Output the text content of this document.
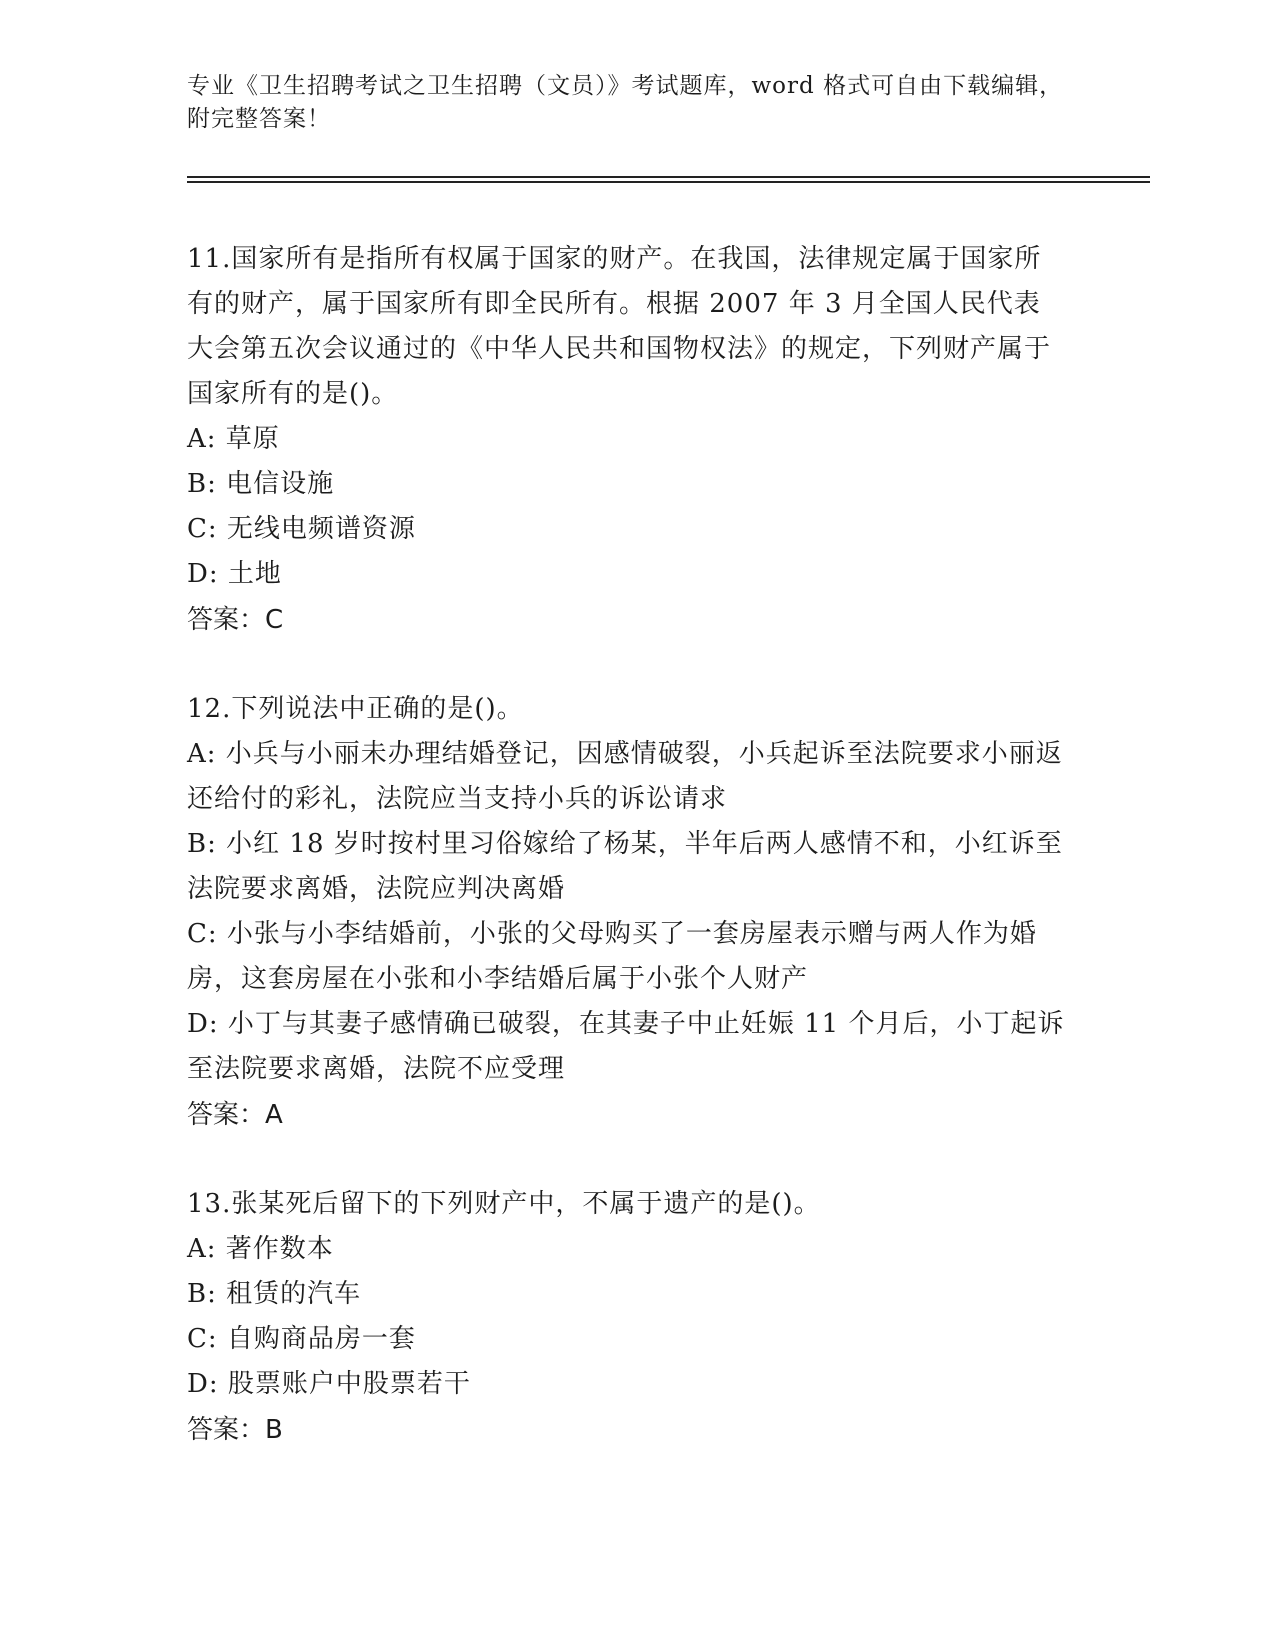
专业《卫生招聘考试之卫生招聘（文员）》考试题库，word 格式可自由下载编辑，附完整答案！

11.国家所有是指所有权属于国家的财产。在我国，法律规定属于国家所有的财产，属于国家所有即全民所有。根据 2007 年 3 月全国人民代表大会第五次会议通过的《中华人民共和国物权法》的规定，下列财产属于国家所有的是()。

A: 草原

B: 电信设施

C: 无线电频谱资源

D: 土地

答案：C

12.下列说法中正确的是()。

A: 小兵与小丽未办理结婚登记，因感情破裂，小兵起诉至法院要求小丽返还给付的彩礼，法院应当支持小兵的诉讼请求

B: 小红 18 岁时按村里习俗嫁给了杨某，半年后两人感情不和，小红诉至法院要求离婚，法院应判决离婚

C: 小张与小李结婚前，小张的父母购买了一套房屋表示赠与两人作为婚房，这套房屋在小张和小李结婚后属于小张个人财产

D: 小丁与其妻子感情确已破裂，在其妻子中止妊娠 11 个月后，小丁起诉至法院要求离婚，法院不应受理

答案：A

13.张某死后留下的下列财产中，不属于遗产的是()。

A: 著作数本

B: 租赁的汽车

C: 自购商品房一套

D: 股票账户中股票若干

答案：B
